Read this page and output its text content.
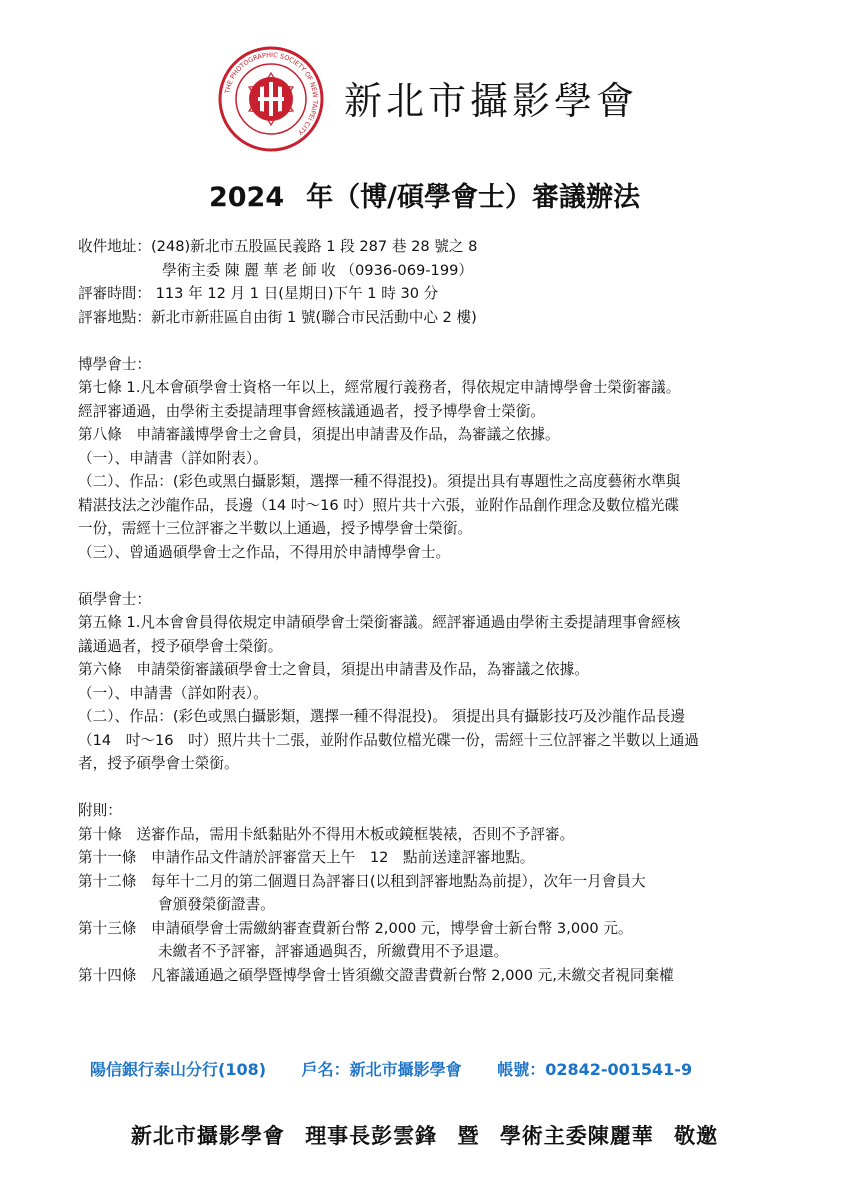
THE PHOTOGRAPHIC SOCIETY OF NEW TAIPEI CITY
新北市攝影學會
2024 年（博/碩學會士）審議辦法

收件地址：(248)新北市五股區民義路 1 段 287 巷 28 號之 8

學術主委 陳 麗 華 老 師 收 （0936-069-199）

評審時間： 113 年 12 月 1 日(星期日)下午 1 時 30 分

評審地點：新北市新莊區自由街 1 號(聯合市民活動中心 2 樓)

博學會士：

第七條 1.凡本會碩學會士資格一年以上，經常履行義務者，得依規定申請博學會士榮銜審議。

經評審通過，由學術主委提請理事會經核議通過者，授予博學會士榮銜。

第八條　申請審議博學會士之會員，須提出申請書及作品，為審議之依據。

（一）、申請書（詳如附表）。

（二）、作品：(彩色或黑白攝影類，選擇一種不得混投)。須提出具有專題性之高度藝術水準與

精湛技法之沙龍作品，長邊（14 吋～16 吋）照片共十六張，並附作品創作理念及數位檔光碟

一份，需經十三位評審之半數以上通過，授予博學會士榮銜。

（三）、曾通過碩學會士之作品，不得用於申請博學會士。

碩學會士：

第五條 1.凡本會會員得依規定申請碩學會士榮銜審議。經評審通過由學術主委提請理事會經核

議通過者，授予碩學會士榮銜。

第六條　申請榮銜審議碩學會士之會員，須提出申請書及作品，為審議之依據。

（一）、申請書（詳如附表）。

（二）、作品：(彩色或黑白攝影類，選擇一種不得混投)。 須提出具有攝影技巧及沙龍作品長邊

（14　吋～16　吋）照片共十二張，並附作品數位檔光碟一份，需經十三位評審之半數以上通過

者，授予碩學會士榮銜。

附則：

第十條　送審作品，需用卡紙黏貼外不得用木板或鏡框裝裱，否則不予評審。

第十一條　申請作品文件請於評審當天上午　12　點前送達評審地點。

第十二條　每年十二月的第二個週日為評審日(以租到評審地點為前提），次年一月會員大

會頒發榮銜證書。

第十三條　申請碩學會士需繳納審查費新台幣 2,000 元，博學會士新台幣 3,000 元。

未繳者不予評審，評審通過與否，所繳費用不予退還。

第十四條　凡審議通過之碩學暨博學會士皆須繳交證書費新台幣 2,000 元,未繳交者視同棄權

陽信銀行泰山分行(108) 戶名：新北市攝影學會 帳號：02842-001541-9
新北市攝影學會 理事長彭雲鋒 暨 學術主委陳麗華 敬邀
